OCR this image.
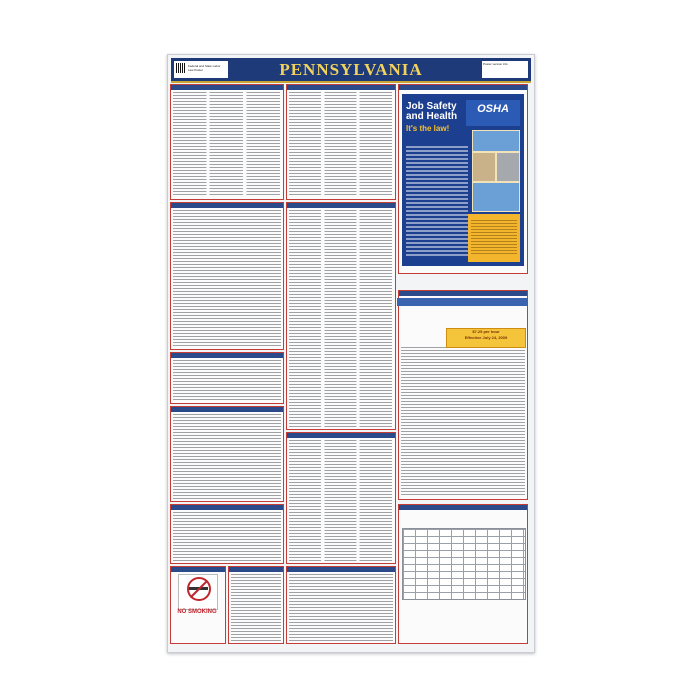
Federal and State Labor Law Poster	PENNSYLVANIA	Poster version info
Job Safety and Health
It's the law!
OSHA
$7.25 per hour
Effective July 24, 2009
NO SMOKING
